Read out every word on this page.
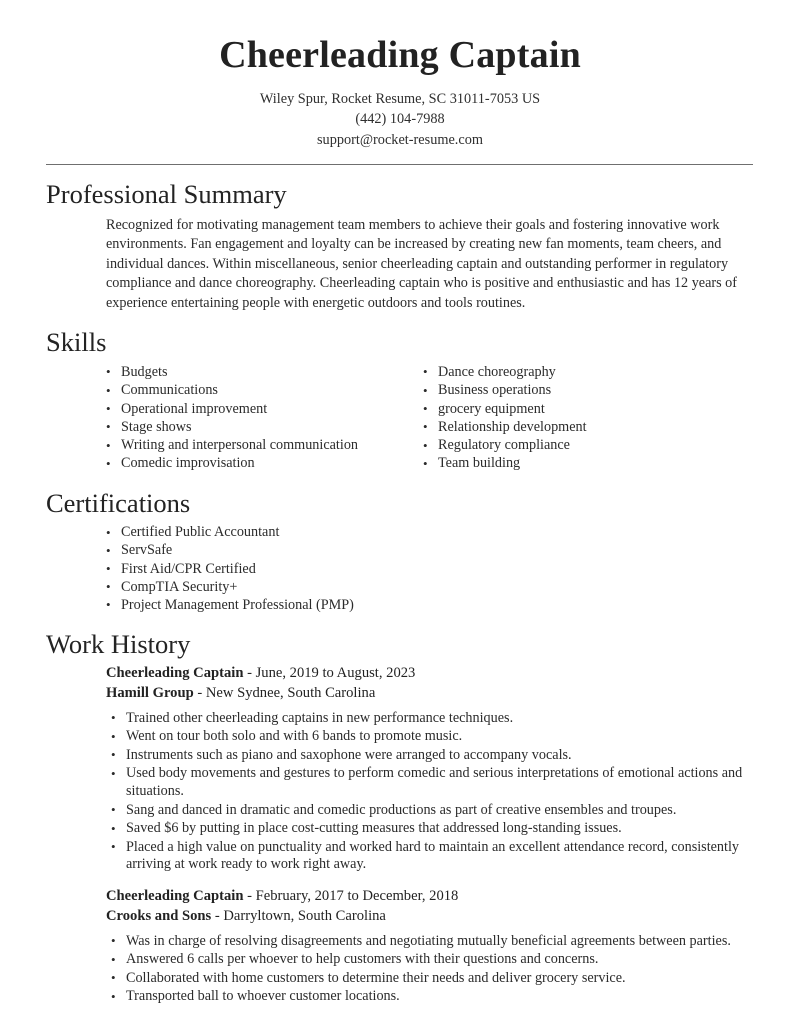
Cheerleading Captain
Wiley Spur, Rocket Resume, SC 31011-7053 US
(442) 104-7988
support@rocket-resume.com
Professional Summary

Recognized for motivating management team members to achieve their goals and fostering innovative work environments. Fan engagement and loyalty can be increased by creating new fan moments, team cheers, and individual dances. Within miscellaneous, senior cheerleading captain and outstanding performer in regulatory compliance and dance choreography. Cheerleading captain who is positive and enthusiastic and has 12 years of experience entertaining people with energetic outdoors and tools routines.

Skills
• Budgets
• Communications
• Operational improvement
• Stage shows
• Writing and interpersonal communication
• Comedic improvisation
• Dance choreography
• Business operations
• grocery equipment
• Relationship development
• Regulatory compliance
• Team building
Certifications
• Certified Public Accountant
• ServSafe
• First Aid/CPR Certified
• CompTIA Security+
• Project Management Professional (PMP)
Work History
Cheerleading Captain - June, 2019 to August, 2023
Hamill Group - New Sydnee, South Carolina
• Trained other cheerleading captains in new performance techniques.
• Went on tour both solo and with 6 bands to promote music.
• Instruments such as piano and saxophone were arranged to accompany vocals.
• Used body movements and gestures to perform comedic and serious interpretations of emotional actions and situations.
• Sang and danced in dramatic and comedic productions as part of creative ensembles and troupes.
• Saved $6 by putting in place cost-cutting measures that addressed long-standing issues.
• Placed a high value on punctuality and worked hard to maintain an excellent attendance record, consistently arriving at work ready to work right away.
Cheerleading Captain - February, 2017 to December, 2018
Crooks and Sons - Darryltown, South Carolina
• Was in charge of resolving disagreements and negotiating mutually beneficial agreements between parties.
• Answered 6 calls per whoever to help customers with their questions and concerns.
• Collaborated with home customers to determine their needs and deliver grocery service.
• Transported ball to whoever customer locations.
